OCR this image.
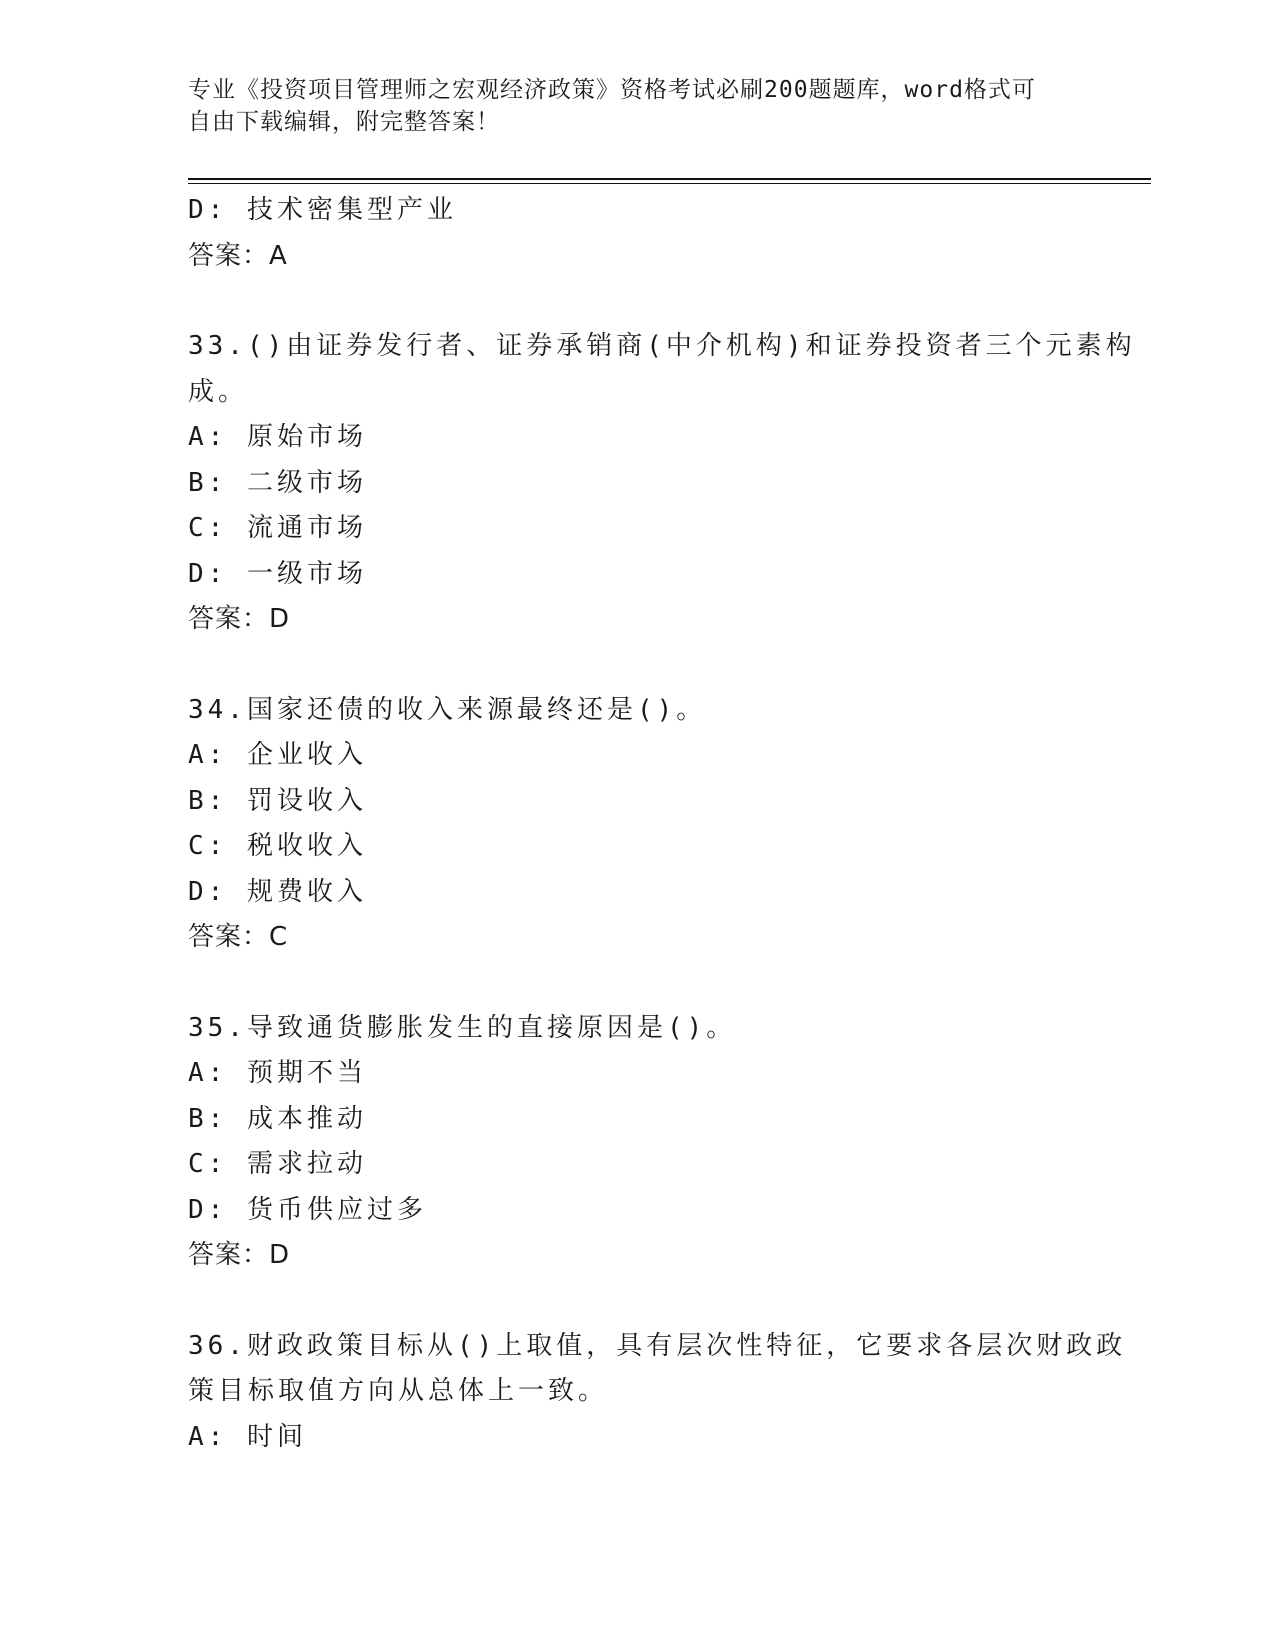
专业《投资项目管理师之宏观经济政策》资格考试必刷200题题库，word格式可
自由下载编辑，附完整答案！
D: 技术密集型产业
答案：A
33.()由证券发行者、证券承销商(中介机构)和证券投资者三个元素构
成。
A: 原始市场
B: 二级市场
C: 流通市场
D: 一级市场
答案：D
34.国家还债的收入来源最终还是()。
A: 企业收入
B: 罚设收入
C: 税收收入
D: 规费收入
答案：C
35.导致通货膨胀发生的直接原因是()。
A: 预期不当
B: 成本推动
C: 需求拉动
D: 货币供应过多
答案：D
36.财政政策目标从()上取值，具有层次性特征，它要求各层次财政政
策目标取值方向从总体上一致。
A: 时间
